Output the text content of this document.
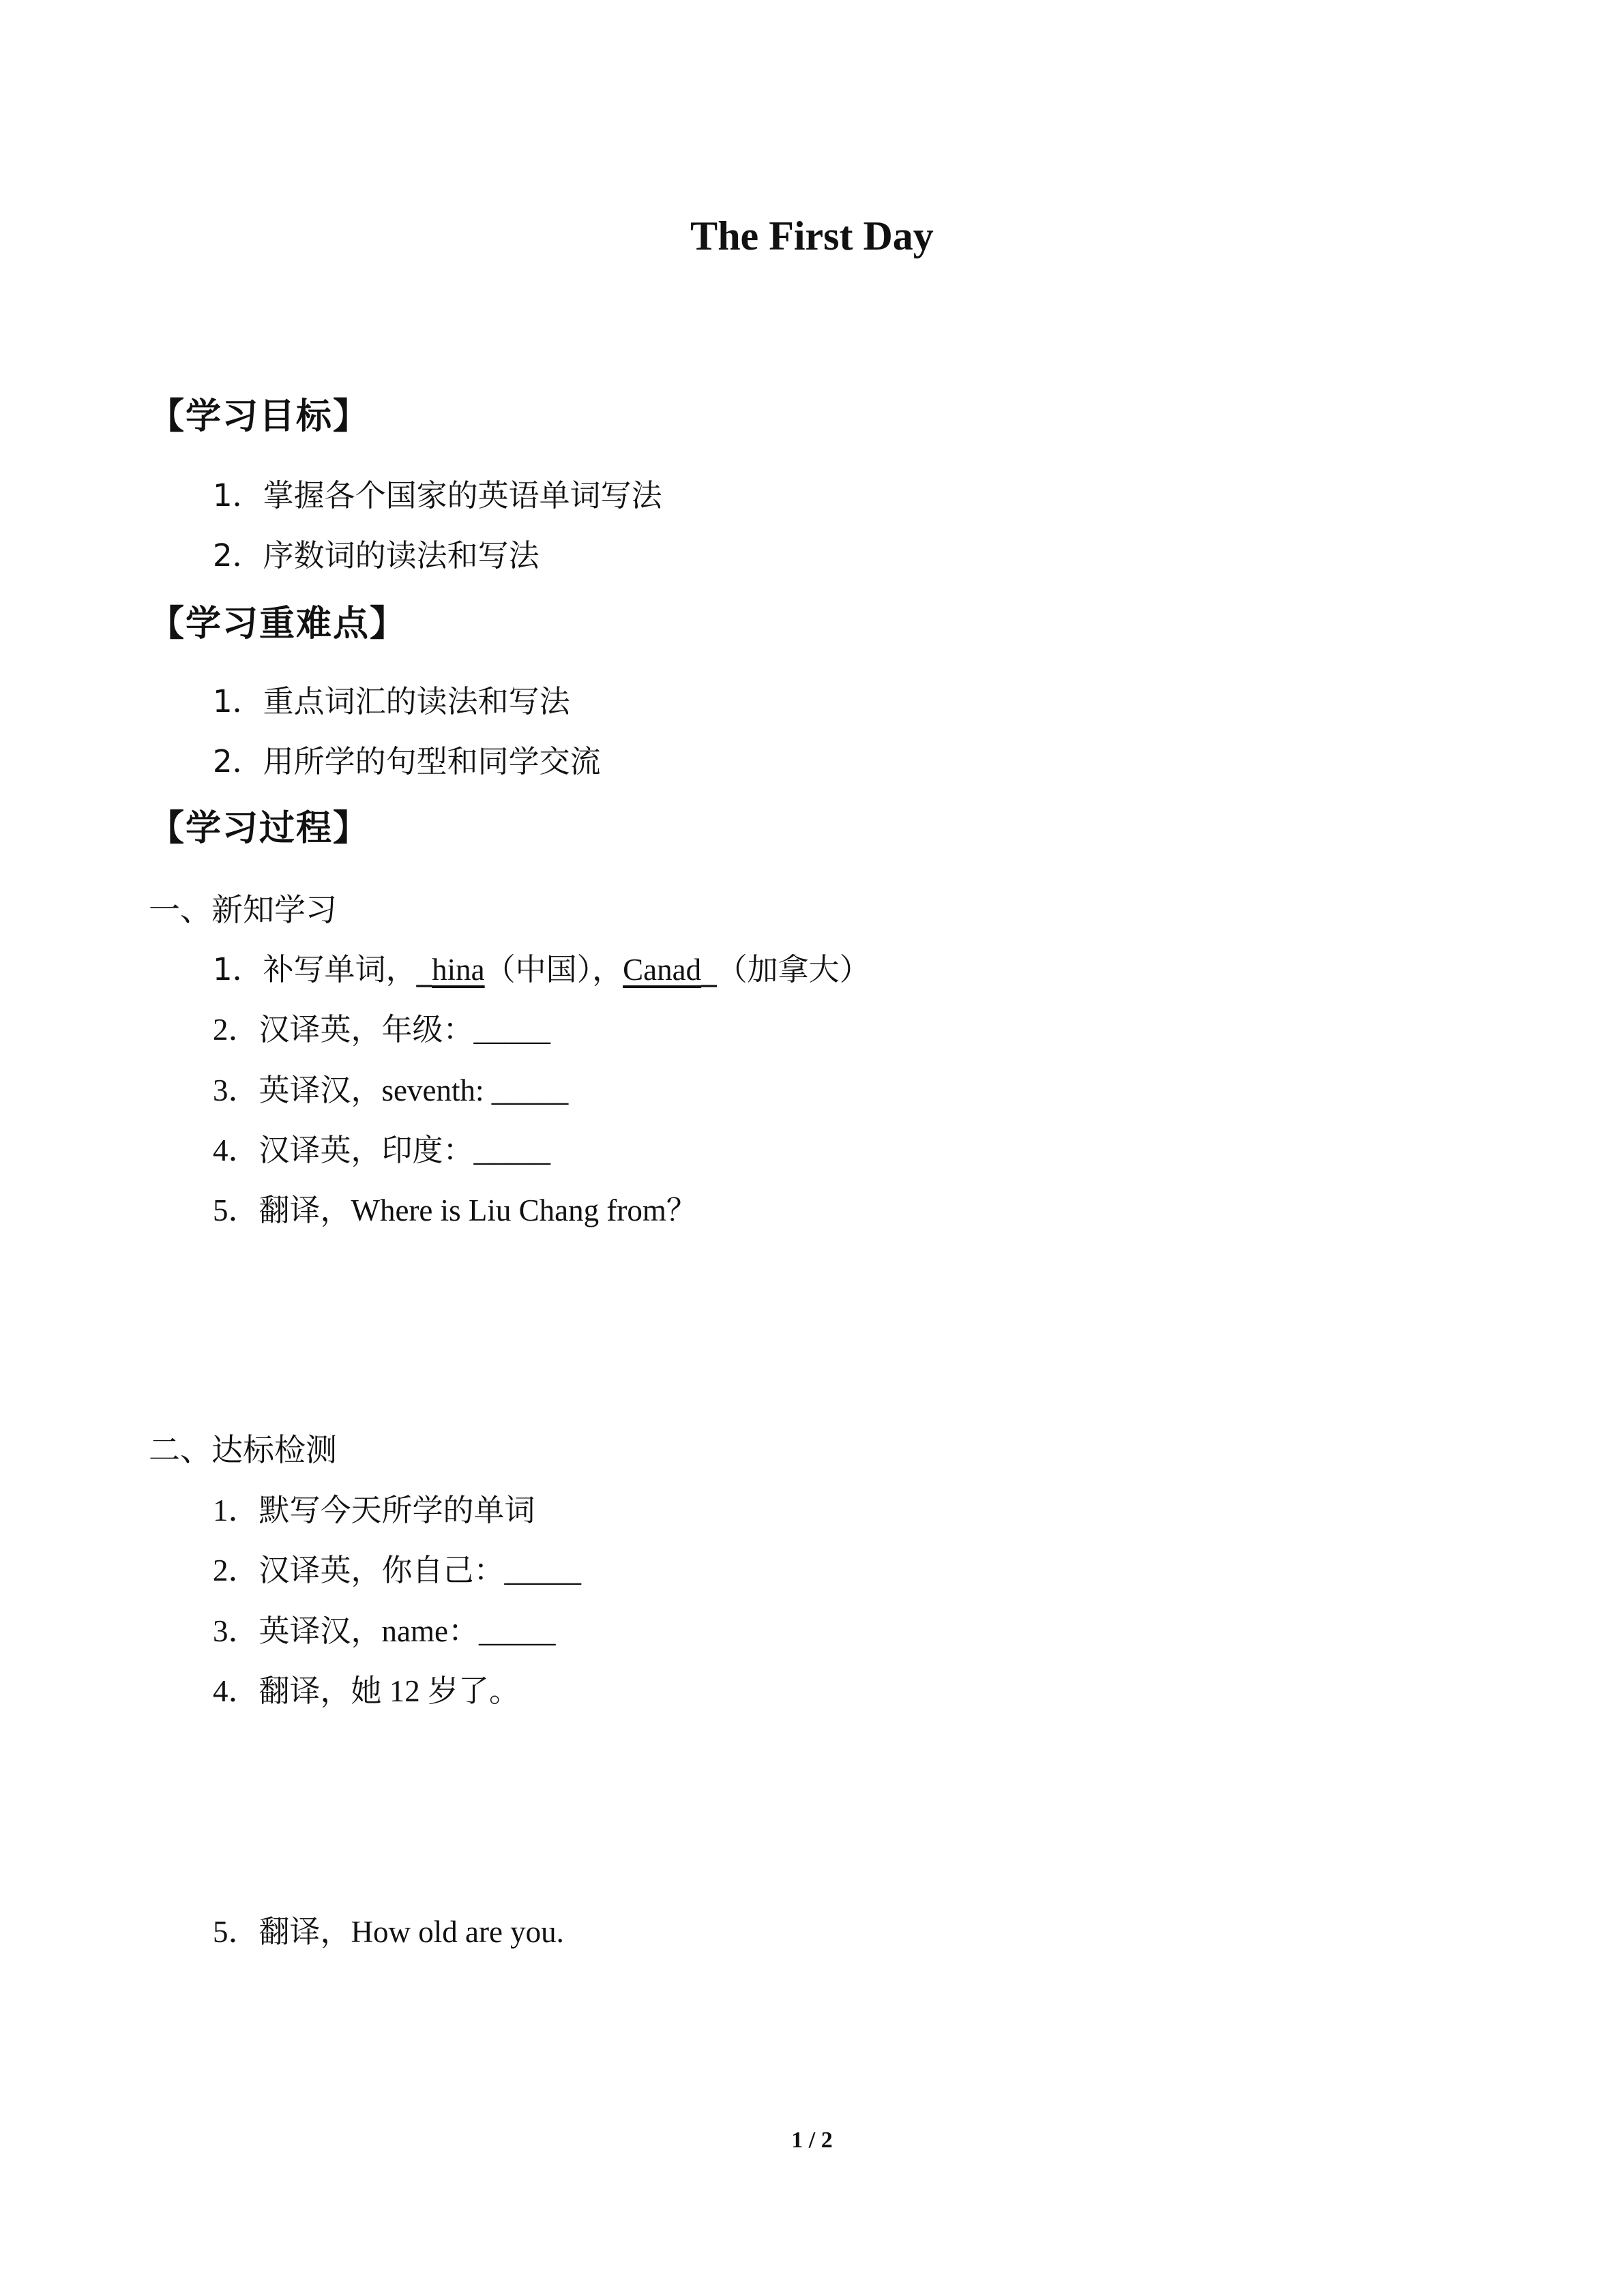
The First Day
【学习目标】
1．掌握各个国家的英语单词写法
2．序数词的读法和写法
【学习重难点】
1．重点词汇的读法和写法
2．用所学的句型和同学交流
【学习过程】
一、新知学习
1．补写单词，_hina（中国），Canad_（加拿大）
2．汉译英，年级：_____
3．英译汉，seventh: _____
4．汉译英，印度：_____
5．翻译，Where is Liu Chang from？
二、达标检测
1．默写今天所学的单词
2．汉译英，你自己：_____
3．英译汉，name：_____
4．翻译，她 12 岁了。
5．翻译，How old are you.
1 / 2
